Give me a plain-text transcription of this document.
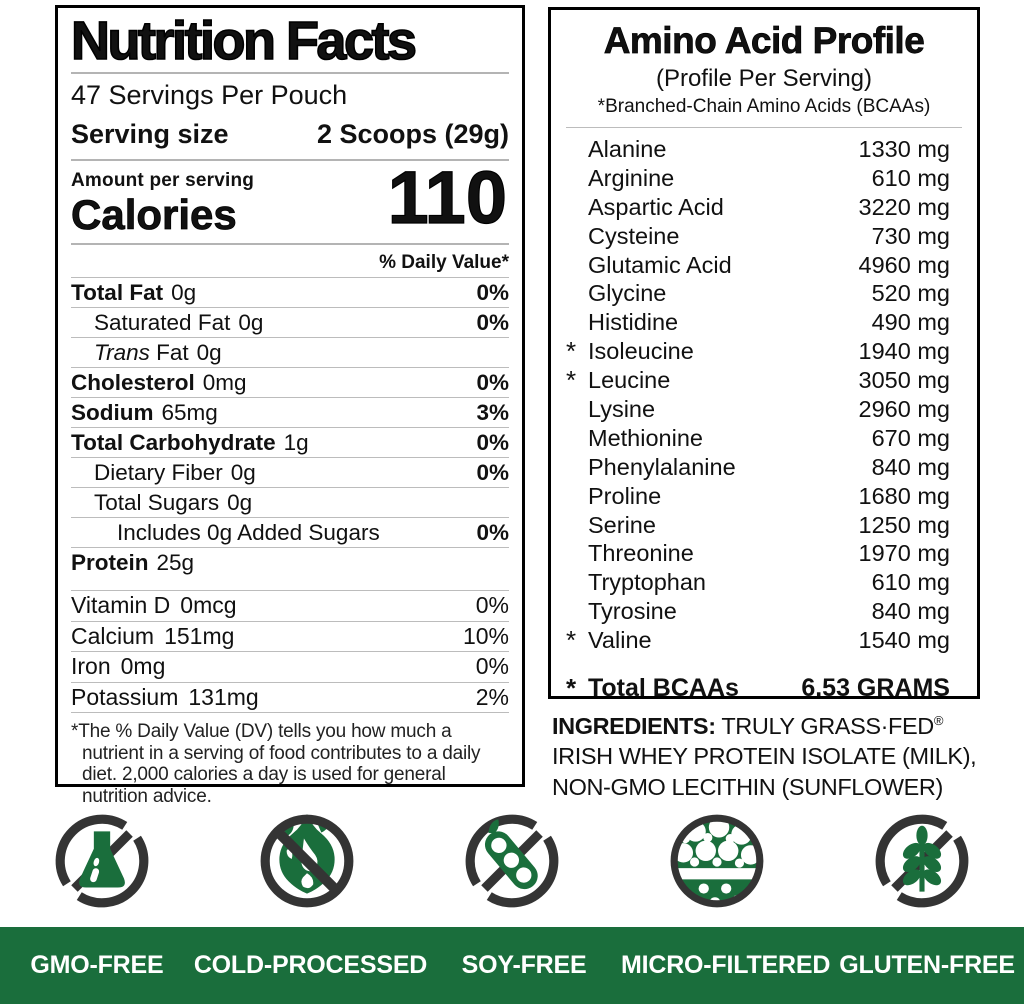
Nutrition Facts
47 Servings Per Pouch
Serving size	2 Scoops (29g)
Amount per serving
Calories	110
% Daily Value*
Total Fat 0g	0%
Saturated Fat 0g	0%
Trans Fat 0g
Cholesterol 0mg	0%
Sodium 65mg	3%
Total Carbohydrate 1g	0%
Dietary Fiber 0g	0%
Total Sugars 0g
Includes 0g Added Sugars	0%
Protein 25g
Vitamin D 0mcg	0%
Calcium 151mg	10%
Iron 0mg	0%
Potassium 131mg	2%
*The % Daily Value (DV) tells you how much a nutrient in a serving of food contributes to a daily diet. 2,000 calories a day is used for general nutrition advice.
Amino Acid Profile
(Profile Per Serving)
*Branched-Chain Amino Acids (BCAAs)
Alanine	1330 mg
Arginine	610 mg
Aspartic Acid	3220 mg
Cysteine	730 mg
Glutamic Acid	4960 mg
Glycine	520 mg
Histidine	490 mg
* Isoleucine	1940 mg
* Leucine	3050 mg
Lysine	2960 mg
Methionine	670 mg
Phenylalanine	840 mg
Proline	1680 mg
Serine	1250 mg
Threonine	1970 mg
Tryptophan	610 mg
Tyrosine	840 mg
* Valine	1540 mg
* Total BCAAs 6.53 GRAMS
INGREDIENTS: TRULY GRASS·FED® IRISH WHEY PROTEIN ISOLATE (MILK), NON-GMO LECITHIN (SUNFLOWER)
GMO-FREE	COLD-PROCESSED	SOY-FREE	MICRO-FILTERED GLUTEN-FREE
